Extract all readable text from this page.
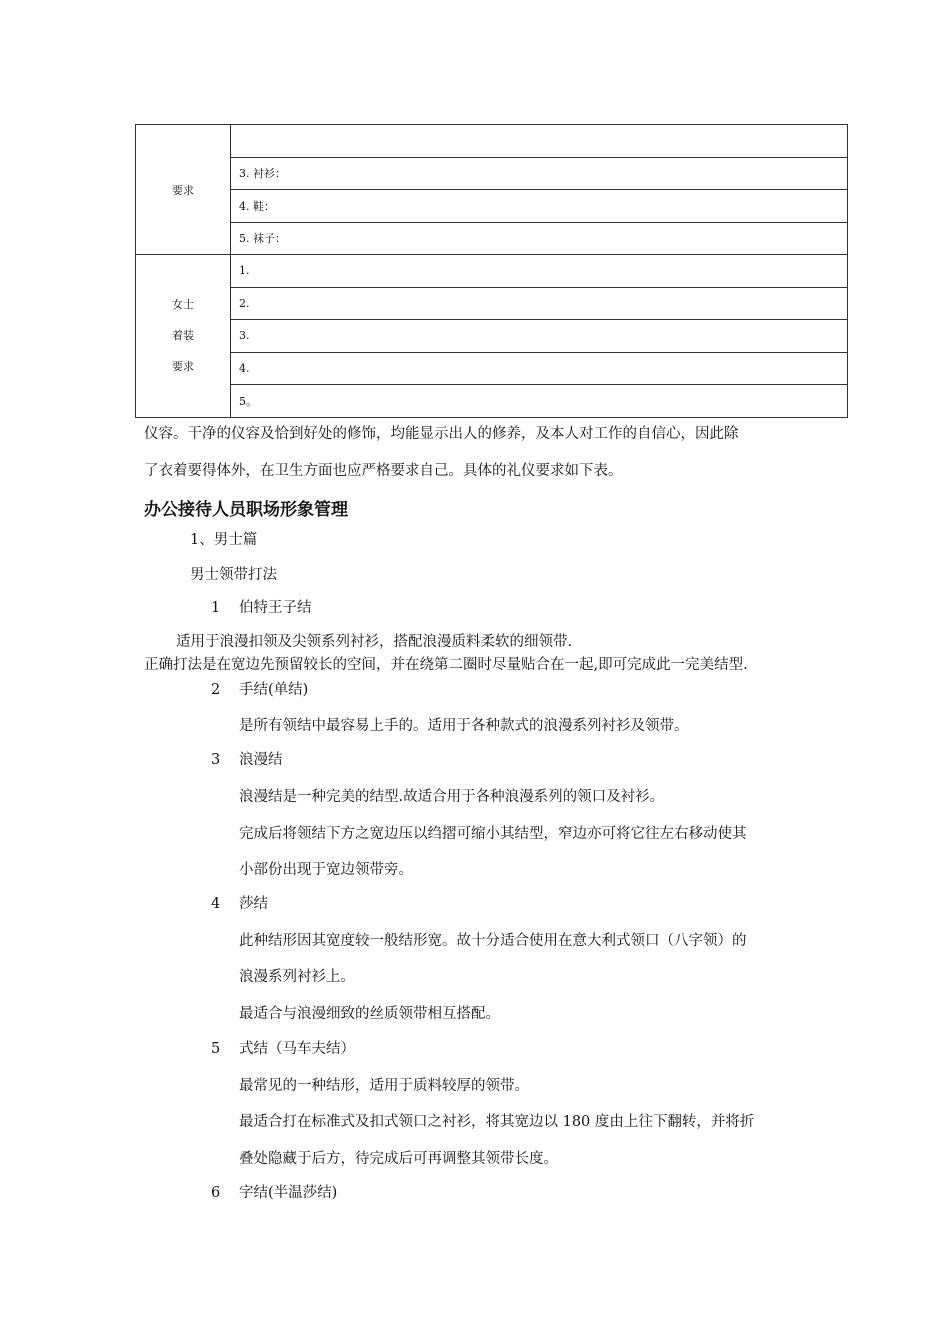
要求	
	3. 衬衫：
	4. 鞋：
	5. 袜子：

女士
着装
要求	1.
	2.
	3.
	4.
	5。
仪容。干净的仪容及恰到好处的修饰，均能显示出人的修养，及本人对工作的自信心，因此除
了衣着要得体外，在卫生方面也应严格要求自己。具体的礼仪要求如下表。
办公接待人员职场形象管理
1、男士篇
男士领带打法
1 伯特王子结
适用于浪漫扣领及尖领系列衬衫，搭配浪漫质料柔软的细领带.
正确打法是在宽边先预留较长的空间，并在绕第二圈时尽量贴合在一起,即可完成此一完美结型.
2 手结(单结)
是所有领结中最容易上手的。适用于各种款式的浪漫系列衬衫及领带。
3 浪漫结
浪漫结是一种完美的结型.故适合用于各种浪漫系列的领口及衬衫。
完成后将领结下方之宽边压以绉摺可缩小其结型，窄边亦可将它往左右移动使其
小部份出现于宽边领带旁。
4 莎结
此种结形因其宽度较一般结形宽。故十分适合使用在意大利式领口（八字领）的
浪漫系列衬衫上。
最适合与浪漫细致的丝质领带相互搭配。
5 式结（马车夫结）
最常见的一种结形，适用于质料较厚的领带。
最适合打在标准式及扣式领口之衬衫，将其宽边以 180 度由上往下翻转，并将折
叠处隐藏于后方，待完成后可再调整其领带长度。
6 字结(半温莎结)
